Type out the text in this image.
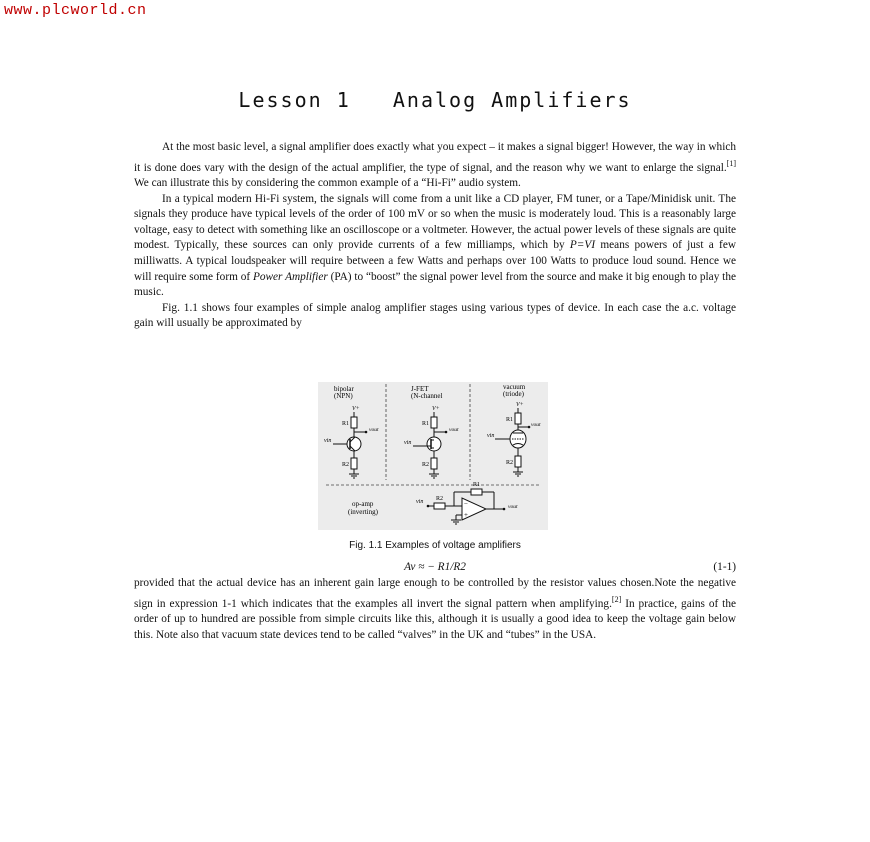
www.plcworld.cn
Lesson 1   Analog Amplifiers

At the most basic level, a signal amplifier does exactly what you expect – it makes a signal bigger! However, the way in which it is done does vary with the design of the actual amplifier, the type of signal, and the reason why we want to enlarge the signal.[1] We can illustrate this by considering the common example of a “Hi-Fi” audio system.

In a typical modern Hi-Fi system, the signals will come from a unit like a CD player, FM tuner, or a Tape/Minidisk unit. The signals they produce have typical levels of the order of 100 mV or so when the music is moderately loud. This is a reasonably large voltage, easy to detect with something like an oscilloscope or a voltmeter. However, the actual power levels of these signals are quite modest. Typically, these sources can only provide currents of a few milliamps, which by P=VI means powers of just a few milliwatts. A typical loudspeaker will require between a few Watts and perhaps over 100 Watts to produce loud sound. Hence we will require some form of Power Amplifier (PA) to “boost” the signal power level from the source and make it big enough to play the music.

Fig. 1.1 shows four examples of simple analog amplifier stages using various types of device. In each case the a.c. voltage gain will usually be approximated by

bipolar
(NPN)
V+
R1
vin
vout
R2
J-FET
(N-channel
V+
R1
vin
vout
R2
vacuum
(triode)
V+
R1
vin
vout
R2
op-amp
(inverting)
vin R2
−
+
R1
vout
Fig. 1.1 Examples of voltage amplifiers
Av ≈ − R1/R2	(1-1)

provided that the actual device has an inherent gain large enough to be controlled by the resistor values chosen.Note the negative sign in expression 1-1 which indicates that the examples all invert the signal pattern when amplifying.[2] In practice, gains of the order of up to hundred are possible from simple circuits like this, although it is usually a good idea to keep the voltage gain below this. Note also that vacuum state devices tend to be called “valves” in the UK and “tubes” in the USA.
